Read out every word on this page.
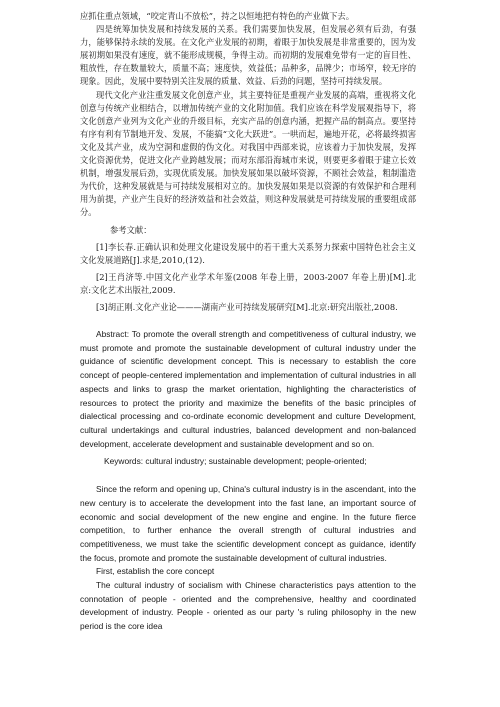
应抓住重点领域，“咬定青山不放松”，持之以恒地把有特色的产业做下去。

四是统筹加快发展和持续发展的关系。我们需要加快发展，但发展必须有后劲，有强力，能够保持永续的发展。在文化产业发展的初期，着眼于加快发展是非常重要的，因为发展初期如果没有速度，就不能形成规模，争得主动。而初期的发展难免带有一定的盲目性、粗放性，存在数量较大，质量不高；速度快，效益低；品种多，品牌少；市场窄，较无序的现象。因此，发展中要特别关注发展的质量、效益、后劲的问题，坚持可持续发展。

现代文化产业注重发展文化创意产业，其主要特征是重视产业发展的高端，重视将文化创意与传统产业相结合，以增加传统产业的文化附加值。我们应该在科学发展观指导下，将文化创意产业列为文化产业的升级目标，充实产品的创意内涵，把握产品的制高点。要坚持有序有利有节制地开发、发展，不能搞“文化大跃进”。一哄而起，遍地开花，必将最终损害文化及其产业，成为空洞和虚假的伪文化。对我国中西部来说，应该着力于加快发展，发挥文化资源优势，促进文化产业跨越发展；而对东部沿海城市来说，则要更多着眼于建立长效机制，增强发展后劲，实现优质发展。加快发展如果以破坏资源，不顾社会效益，粗制滥造为代价，这种发展就是与可持续发展相对立的。加快发展如果是以资源的有效保护和合理利用为前提，产业产生良好的经济效益和社会效益，则这种发展就是可持续发展的重要组成部分。

参考文献：

[1]李长春.正确认识和处理文化建设发展中的若干重大关系努力探索中国特色社会主义文化发展道路[J].求是,2010,(12).

[2]王肖济等.中国文化产业学术年鉴(2008 年卷上册，2003-2007 年卷上册)[M].北京:文化艺术出版社,2009.

[3]胡正刚.文化产业论———湖南产业可持续发展研究[M].北京:研究出版社,2008.

Abstract: To promote the overall strength and competitiveness of cultural industry, we must promote and promote the sustainable development of cultural industry under the guidance of scientific development concept. This is necessary to establish the core concept of people-centered implementation and implementation of cultural industries in all aspects and links to grasp the market orientation, highlighting the characteristics of resources to protect the priority and maximize the benefits of the basic principles of dialectical processing and co-ordinate economic development and culture Development, cultural undertakings and cultural industries, balanced development and non-balanced development, accelerate development and sustainable development and so on.

Keywords: cultural industry; sustainable development; people-oriented;

Since the reform and opening up, China's cultural industry is in the ascendant, into the new century is to accelerate the development into the fast lane, an important source of economic and social development of the new engine and engine. In the future fierce competition, to further enhance the overall strength of cultural industries and competitiveness, we must take the scientific development concept as guidance, identify the focus, promote and promote the sustainable development of cultural industries.

First, establish the core concept

The cultural industry of socialism with Chinese characteristics pays attention to the connotation of people - oriented and the comprehensive, healthy and coordinated development of industry. People - oriented as our party 's ruling philosophy in the new period is the core idea
